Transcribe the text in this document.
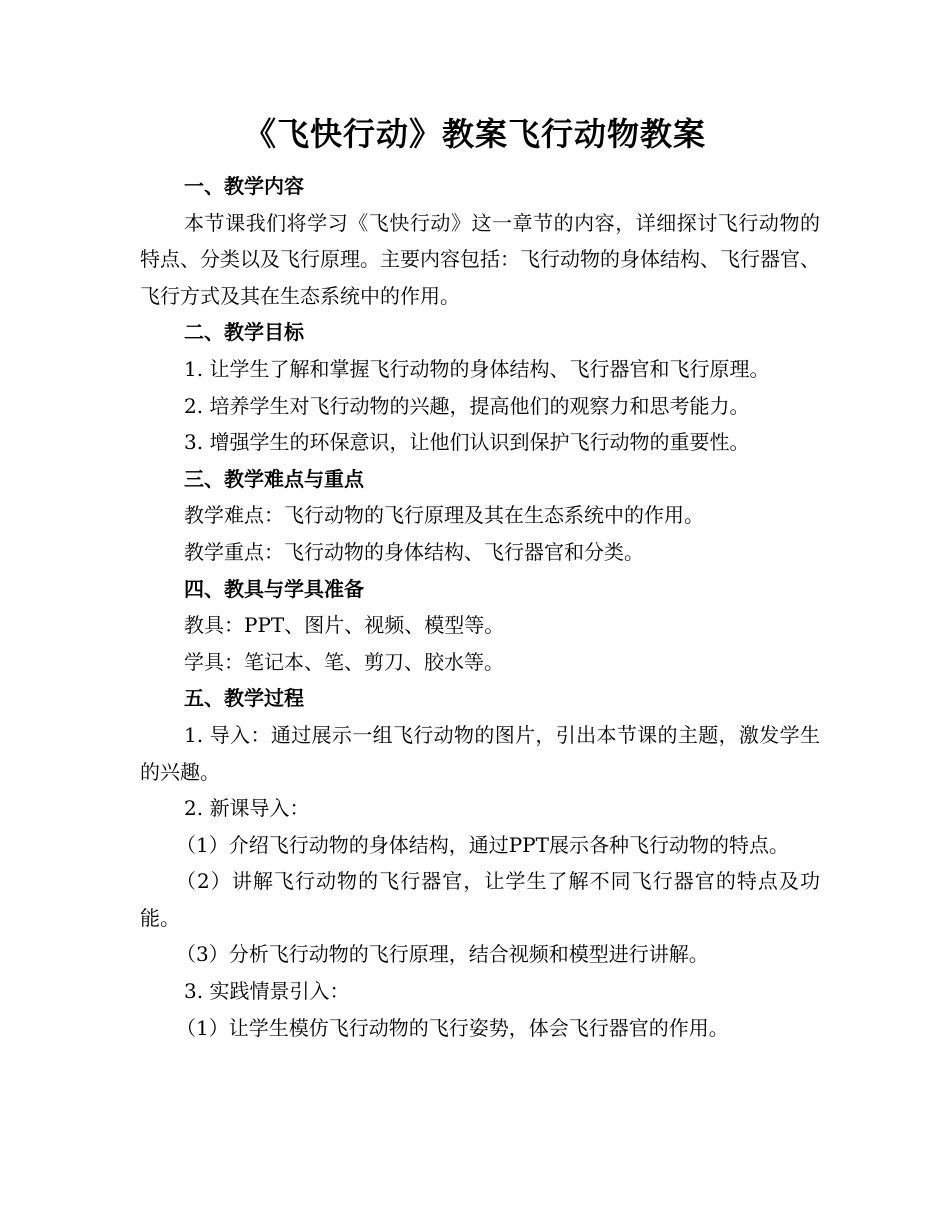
《飞快行动》教案飞行动物教案
一、教学内容

本节课我们将学习《飞快行动》这一章节的内容，详细探讨飞行动物的特点、分类以及飞行原理。主要内容包括：飞行动物的身体结构、飞行器官、飞行方式及其在生态系统中的作用。

二、教学目标

1. 让学生了解和掌握飞行动物的身体结构、飞行器官和飞行原理。

2. 培养学生对飞行动物的兴趣，提高他们的观察力和思考能力。

3. 增强学生的环保意识，让他们认识到保护飞行动物的重要性。

三、教学难点与重点

教学难点：飞行动物的飞行原理及其在生态系统中的作用。

教学重点：飞行动物的身体结构、飞行器官和分类。

四、教具与学具准备

教具：PPT、图片、视频、模型等。

学具：笔记本、笔、剪刀、胶水等。

五、教学过程

1. 导入：通过展示一组飞行动物的图片，引出本节课的主题，激发学生的兴趣。

2. 新课导入：

（1）介绍飞行动物的身体结构，通过PPT展示各种飞行动物的特点。

（2）讲解飞行动物的飞行器官，让学生了解不同飞行器官的特点及功能。

（3）分析飞行动物的飞行原理，结合视频和模型进行讲解。

3. 实践情景引入：

（1）让学生模仿飞行动物的飞行姿势，体会飞行器官的作用。
